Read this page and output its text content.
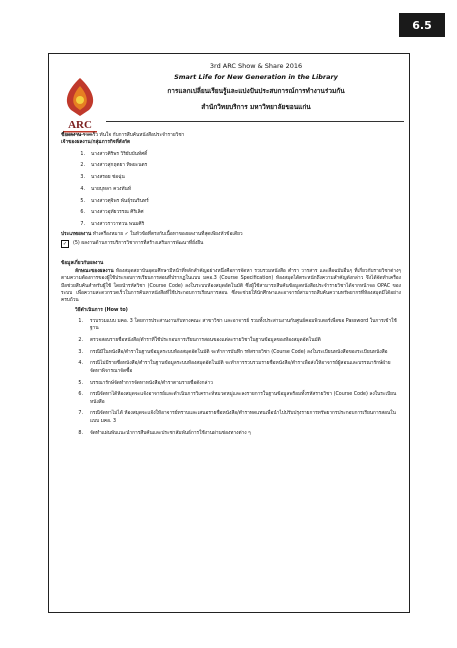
6.5
ARC
3rd ARC Show & Share 2016
Smart Life for New Generation in the Library
การแลกเปลี่ยนเรียนรู้และแบ่งปันประสบการณ์การทำงานร่วมกัน
สำนักวิทยบริการ มหาวิทยาลัยขอนแก่น
ชื่อผลงาน รวดเร็ว ทันใจ กับการสืบค้นหนังสือประจำรายวิชา
เจ้าของผลงาน/กลุ่มภารกิจที่สังกัด
1.	นางสาวศิริพร วิริยับบันท์ศดิ์
2.	นางสาวสุกฤตยา ทิพยะนตร
3.	นางสรอย ช่อฉุ่น
4.	นายบุหลา ควงทันท์
5.	นางสาวศุจิพร พันธุ์รณรินทร์
6.	นางสาวอุทัยวรรณ ศิริเลิศ
7.	นางสาวราวาทวน พนมศิริ
ประเภทผลงาน ทำเครื่องหมาย ✓ ในหัวข้อที่ตรงกับเนื้อหาของผลงานที่สุดเพียงหัวข้อเดียว
✓	(5) ผลงานด้านการบริการวิชาการที่สร้างเสริมการพัฒนาที่ยั่งยืน
ข้อมูลเกี่ยวกับผลงาน
ลักษณะของผลงาน ห้องสมุดสถาบันอุดมศึกษามีหน้าที่หลักสำคัญอย่างหนึ่งคือการจัดหา รวบรวมหนังสือ ตำรา วารสาร และสื่อฉบับอื่นๆ ที่เกี่ยวกับรายวิชาต่างๆ ตามความต้องการของผู้ใช้ประกอบการเรียนการสอนที่ปรากฏในแบบ มคอ.3 (Course Specification) ห้องสมุดได้ตระหนักถึงความสำคัญดังกล่าว จึงได้จัดทำเครื่องมือช่วยสืบค้นสำหรับผู้ใช้ โดยนำรหัสวิชา (Course Code) ลงในระบบห้องสมุดอัตโนมัติ ซึ่งผู้ใช้สามารถสืบค้นข้อมูลหนังสือประจำรายวิชาได้จากหน้าจอ OPAC ของระบบ เพื่อความสะดวกรวดเร็วในการค้นหาหนังสือที่ใช้ประกอบการเรียนการสอน ซึ่งจะช่วยให้นักศึกษาและอาจารย์สามารถสืบค้นความทรัพยากรที่ห้องสมุดมีได้อย่างครบถ้วน
วิธีดำเนินการ (How to)
1.	รวบรวมแบบ มคอ. 3 โดยการประสานงานกับทางคณะ สาขาวิชา และอาจารย์ รวมทั้งประสานงานกับศูนย์คอมพิวเตอร์เพื่อขอ Password ในการเข้าใช้ฐาน
2.	ตรวจสอบรายชื่อหนังสือ/ตำราที่ใช้ประกอบการเรียนการสอนของแต่ละรายวิชาในฐานข้อมูลของห้องสมุดอัตโนมัติ
3.	กรณีมีในหนังสือ/ตำราในฐานข้อมูลระบบห้องสมุดอัตโนมัติ จะทำการบันทึก รหัสรายวิชา (Course Code) ลงในระเบียนหนังสือของระเบียนหนังสือ
4.	กรณีไม่มีรายชื่อหนังสือ/ตำราในฐานข้อมูลระบบห้องสมุดอัตโนมัติ จะทำการรวบรวมรายชื่อหนังสือ/ตำราเพื่อส่งให้อาจารย์ผู้สอนและบรรณารักษ์ฝ่ายจัดหาพิจารณาจัดซื้อ
5.	บรรณารักษ์จัดทำการจัดหาหนังสือ/ตำราตามรายชื่อดังกล่าว
6.	กรณีจัดหาได้ห้องสมุดจะแจ้งอาจารย์และดำเนินการวิเคราะห์หมวดหมู่และลงรายการในฐานข้อมูลพร้อมทั้งรหัสรายวิชา (Course Code) ลงในระเบียนหนังสือ
7.	กรณีจัดหาไม่ได้ ห้องสมุดจะแจ้งให้อาจารย์ทราบและเสนอรายชื่อหนังสือ/ตำราทดแทนเพื่อนำไปปรับปรุงรายการทรัพยากรประกอบการเรียนการสอนในแบบ มคอ. 3
8.	จัดทำแผ่นพับแนะนำการสืบค้นและประชาสัมพันธ์การใช้งานผ่านช่องทางต่าง ๆ
